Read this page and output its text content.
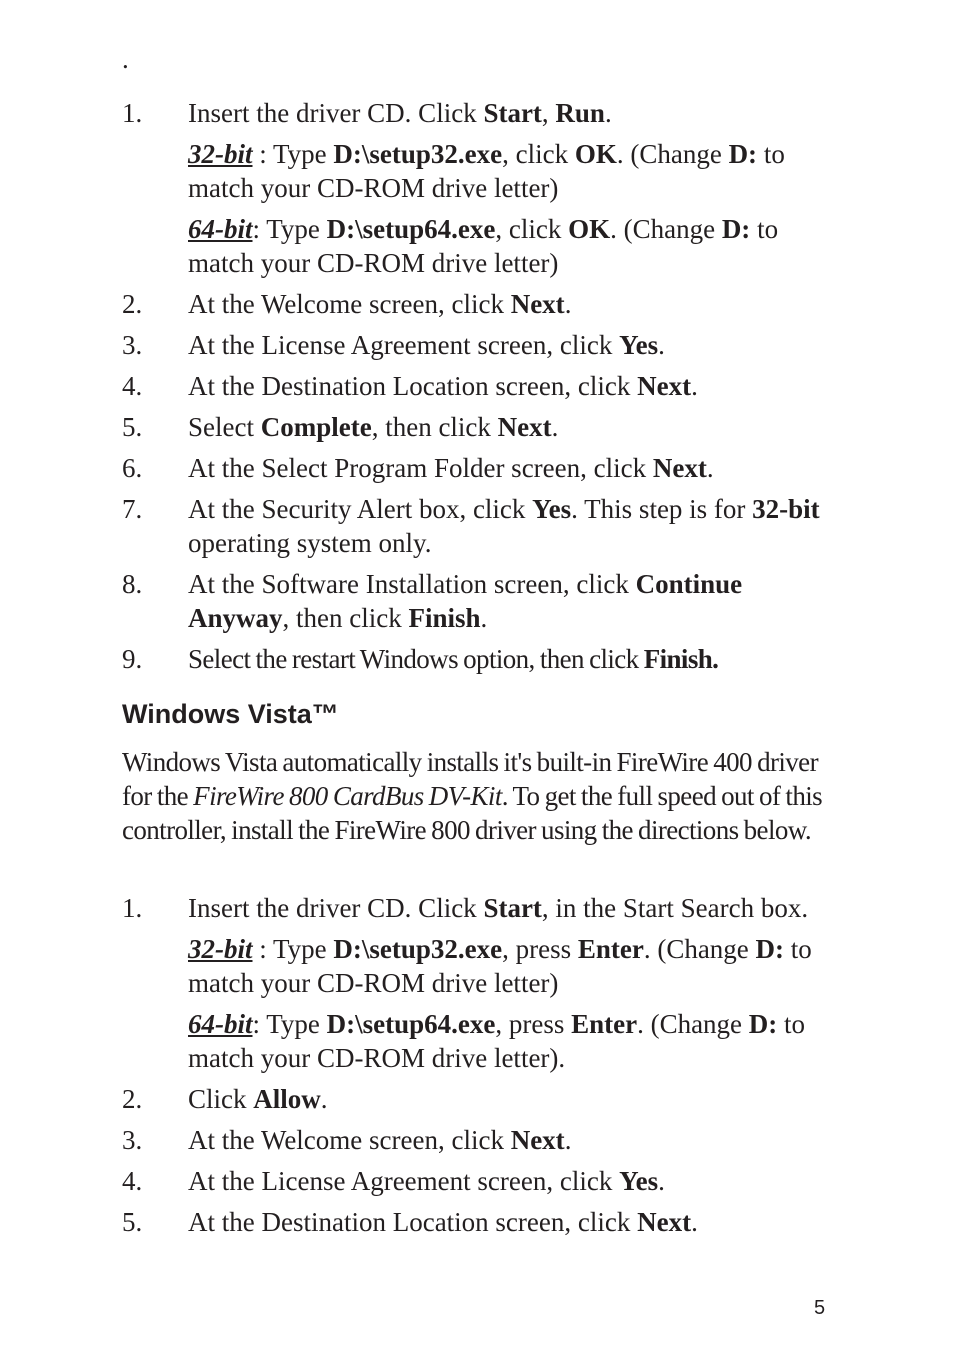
.
1.	Insert the driver CD. Click Start, Run.
32-bit : Type D:\setup32.exe, click OK. (Change D: to match your CD-ROM drive letter)
64-bit: Type D:\setup64.exe, click OK. (Change D: to match your CD-ROM drive letter)
2.	At the Welcome screen, click Next.
3.	At the License Agreement screen, click Yes.
4.	At the Destination Location screen, click Next.
5.	Select Complete, then click Next.
6.	At the Select Program Folder screen, click Next.
7.	At the Security Alert box, click Yes. This step is for 32-bit operating system only.
8.	At the Software Installation screen, click Continue Anyway, then click Finish.
9.	Select the restart Windows option, then click Finish.
Windows Vista™

Windows Vista automatically installs it's built-in FireWire 400 driver for the FireWire 800 CardBus DV-Kit. To get the full speed out of this controller, install the FireWire 800 driver using the directions below.

1.	Insert the driver CD. Click Start, in the Start Search box.
32-bit : Type D:\setup32.exe, press Enter. (Change D: to match your CD-ROM drive letter)
64-bit: Type D:\setup64.exe, press Enter. (Change D: to match your CD-ROM drive letter).
2.	Click Allow.
3.	At the Welcome screen, click Next.
4.	At the License Agreement screen, click Yes.
5.	At the Destination Location screen, click Next.
5
